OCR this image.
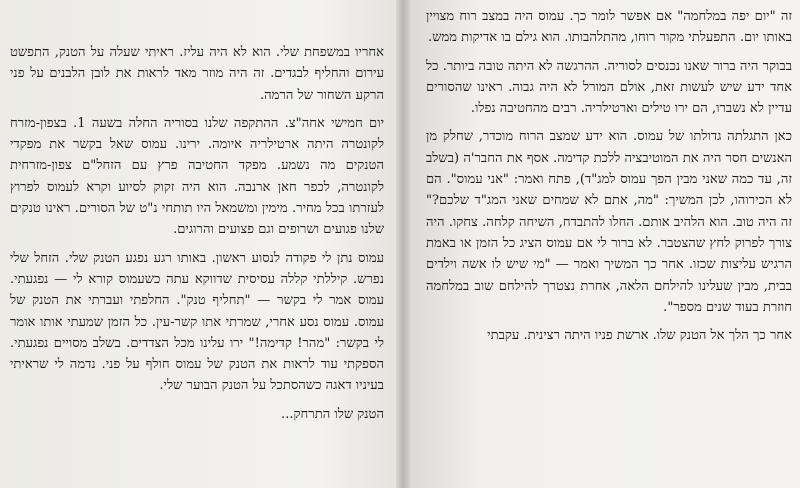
זה "יום יפה במלחמה" אם אפשר לומר כך. עמוס היה במצב רוח מצויין באותו יום. התפעלתי מקור רוחו, מהתלהבותו. הוא גילם בו אדיקות ממש.

בבוקר היה ברור שאנו נכנסים לסוריה. ההרגשה לא היתה טובה ביותר. כל אחד ידע שיש לעשות זאת, אולם המורל לא היה גבוה. ראינו שהסורים עדיין לא נשברו, הם ירו טילים וארטילריה. רבים מהחטיבה נפלו.

כאן התגלתה גדולתו של עמוס. הוא ידע שמצב הרוח מוכדר, שחלק מן האנשים חסר היה את המוטיבציה ללכת קדימה. אסף את החבר'ה (בשלב זה, עד כמה שאני מבין הפך עמוס למג"ד), פתח ואמר: "אני עמוס". הם לא הכירוהו, לכן המשיך: "מה, אתם לא שמחים שאני המג"ד שלכם?" זה היה טוב. הוא הלהיב אותם. החלו להתבדח, השיחה קלחה. צחקו. היה צורך לפרוק לחץ שהצטבר. לא ברור לי אם עמוס הציג כל הזמן או באמת הרגיש עליצות שכזו. אחר כך המשיך ואמר — "מי שיש לו אשה וילדים בבית, מבין שעלינו להילחם הלאה, אחרת נצטרך להילחם שוב במלחמה חוזרת בעוד שנים מספר".

אחר כך הלך אל הטנק שלו. ארשת פניו היתה רצינית. עקבתי

אחריו במשפחת שלי. הוא לא היה עליז. ראיתי שעלה על הטנק, התפשט עירום והחליף לבגדים. זה היה מוזר מאד לראות את לובן הלבנים על פני הרקע השחור של הרמה.

יום חמישי אחה"צ. ההתקפה שלנו בסוריה החלה בשעה 1. בצפון-מזרח לקונטרה היתה ארטילריה איומה. ירינו. עמוס שאל בקשר את מפקדי הטנקים מה נשמע. מפקד החטיבה פרץ עם הזחל"ם צפון-מזרחית לקונטרה, לכפר חאן ארנבה. הוא היה זקוק לסיוע וקרא לעמוס לפרוץ לעזרתו בכל מחיר. מימין ומשמאל היו תותחי נ"ט של הסורים. ראינו טנקים שלנו פגועים ושרופים וגם פצועים והרוגים.

עמוס נתן לי פקודה לנסוע ראשון. באותו רגע נפגע הטנק שלי. הזחל שלי נפרש. קיללתי קללה עסיסית שדווקא עתה כשעמוס קורא לי — נפגעתי. עמוס אמר לי בקשר — "תחליף טנק". החלפתי ועברתי את הטנק של עמוס. עמוס נסע אחרי, שמרתי אתו קשר-עין. כל הזמן שמעתי אותו אומר לי בקשר: "מהר! קדימה!" ירו עלינו מכל הצדדים. בשלב מסויים נפגעתי. הספקתי עוד לראות את הטנק של עמוס חולף על פני. נדמה לי שראיתי בעיניו דאגה כשהסתכל על הטנק הבוער שלי.

הטנק שלו התרחק...
